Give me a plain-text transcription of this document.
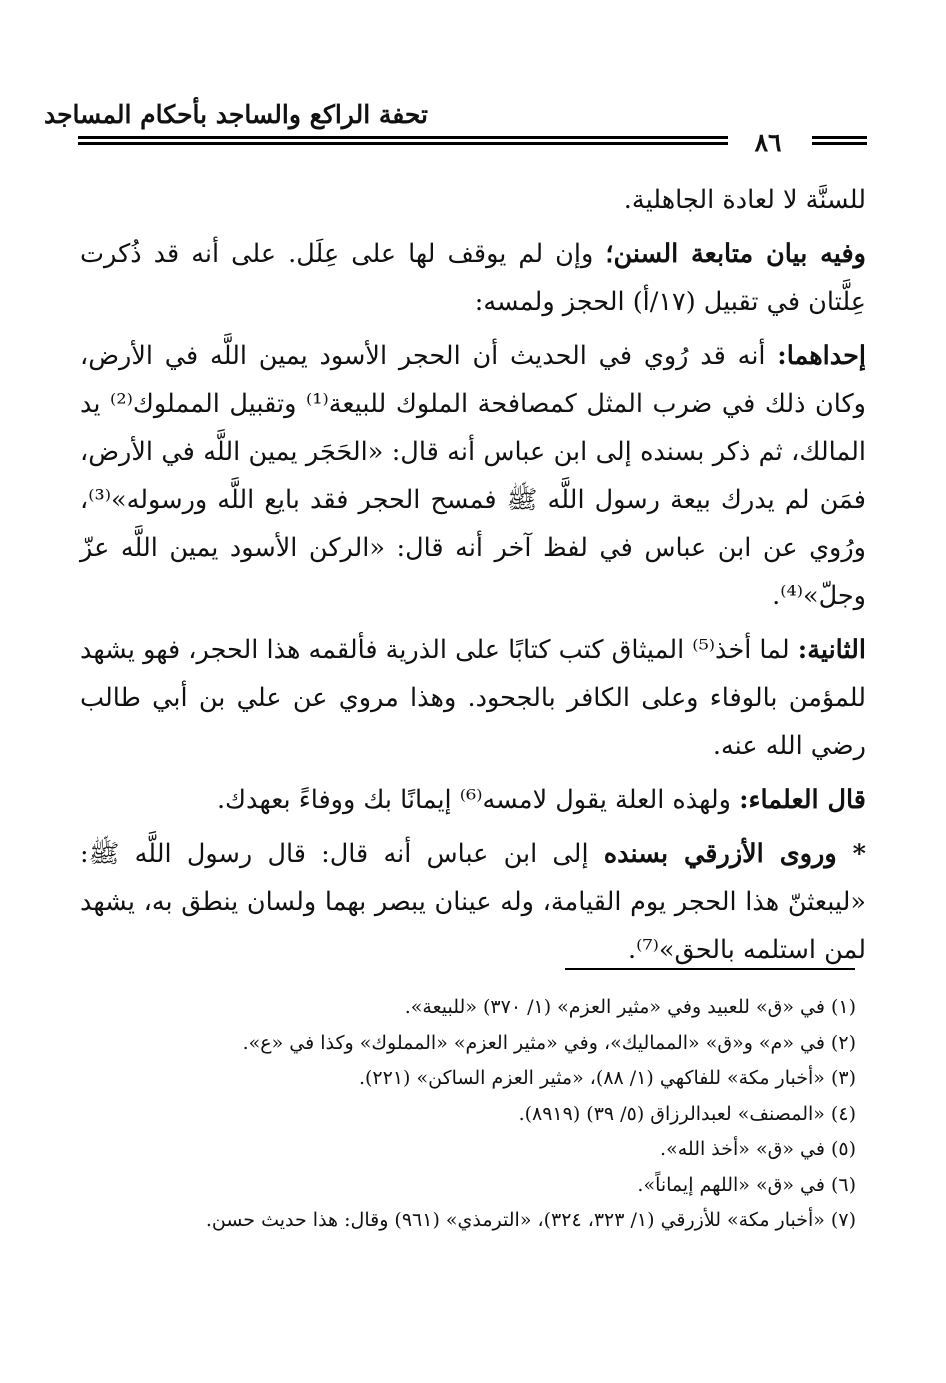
تحفة الراكع والساجد بأحكام المساجد
٨٦

للسنَّة لا لعادة الجاهلية.

وفيه بيان متابعة السنن؛ وإن لم يوقف لها على عِلَل. على أنه قد ذُكرت عِلَّتان في تقبيل (١٧/أ) الحجز ولمسه:

إحداهما: أنه قد رُوي في الحديث أن الحجر الأسود يمين اللَّه في الأرض، وكان ذلك في ضرب المثل كمصافحة الملوك للبيعة⁽¹⁾ وتقبيل المملوك⁽²⁾ يد المالك، ثم ذكر بسنده إلى ابن عباس أنه قال: «الحَجَر يمين اللَّه في الأرض، فمَن لم يدرك بيعة رسول اللَّه ﷺ فمسح الحجر فقد بايع اللَّه ورسوله»⁽³⁾، ورُوي عن ابن عباس في لفظ آخر أنه قال: «الركن الأسود يمين اللَّه عزّ وجلّ»⁽⁴⁾.

الثانية: لما أخذ⁽⁵⁾ الميثاق كتب كتابًا على الذرية فألقمه هذا الحجر، فهو يشهد للمؤمن بالوفاء وعلى الكافر بالجحود. وهذا مروي عن علي بن أبي طالب رضي الله عنه.

قال العلماء: ولهذه العلة يقول لامسه⁽⁶⁾ إيمانًا بك ووفاءً بعهدك.

* وروى الأزرقي بسنده إلى ابن عباس أنه قال: قال رسول اللَّه ﷺ: «ليبعثنّ هذا الحجر يوم القيامة، وله عينان يبصر بهما ولسان ينطق به، يشهد لمن استلمه بالحق»⁽⁷⁾.

(١) في «ق» للعبيد وفي «مثير العزم» (١/ ٣٧٠) «للبيعة».
(٢) في «م» و«ق» «المماليك»، وفي «مثير العزم» «المملوك» وكذا في «ع».
(٣) «أخبار مكة» للفاكهي (١/ ٨٨)، «مثير العزم الساكن» (٢٢١).
(٤) «المصنف» لعبدالرزاق (٥/ ٣٩) (٨٩١٩).
(٥) في «ق» «أخذ الله».
(٦) في «ق» «اللهم إيماناً».
(٧) «أخبار مكة» للأزرقي (١/ ٣٢٣، ٣٢٤)، «الترمذي» (٩٦١) وقال: هذا حديث حسن.
